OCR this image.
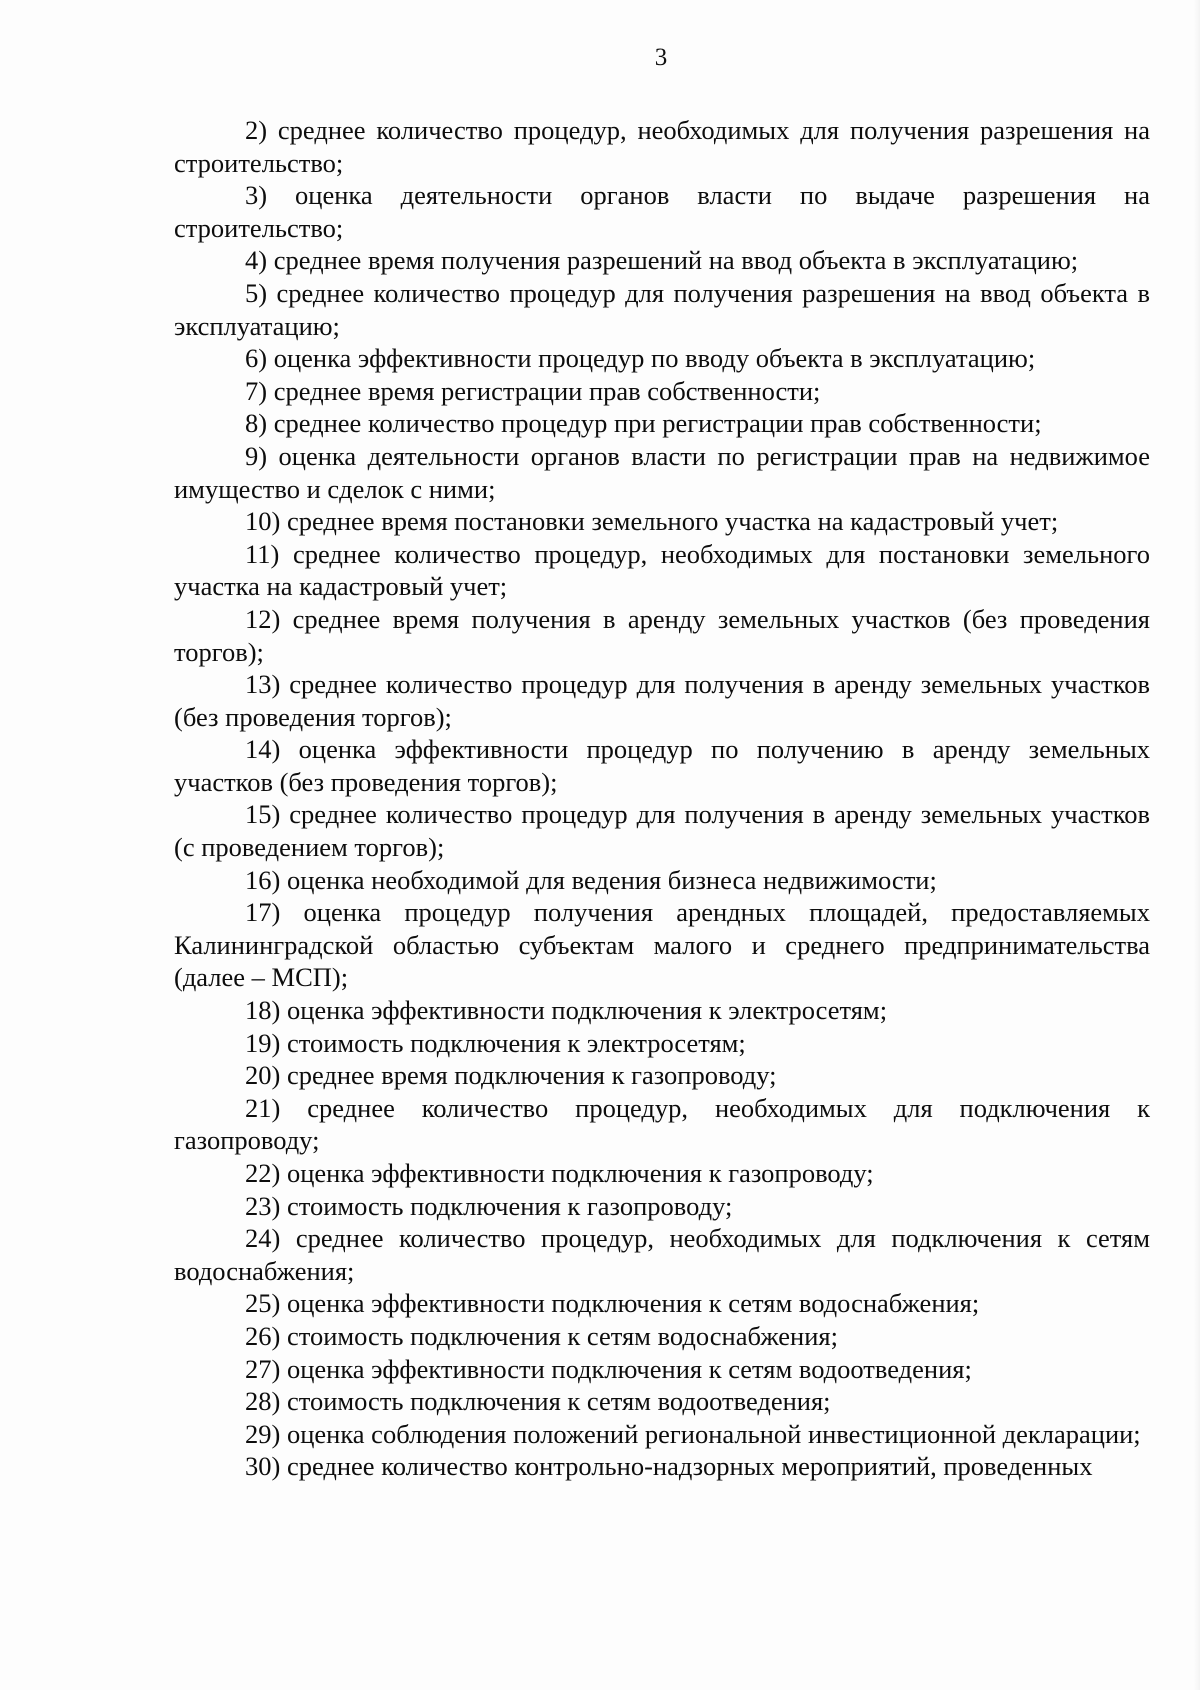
3

2) среднее количество процедур, необходимых для получения разрешения на строительство;

3) оценка деятельности органов власти по выдаче разрешения на строительство;

4) среднее время получения разрешений на ввод объекта в эксплуатацию;

5) среднее количество процедур для получения разрешения на ввод объекта в эксплуатацию;

6) оценка эффективности процедур по вводу объекта в эксплуатацию;

7) среднее время регистрации прав собственности;

8) среднее количество процедур при регистрации прав собственности;

9) оценка деятельности органов власти по регистрации прав на недвижимое имущество и сделок с ними;

10) среднее время постановки земельного участка на кадастровый учет;

11) среднее количество процедур, необходимых для постановки земельного участка на кадастровый учет;

12) среднее время получения в аренду земельных участков (без проведения торгов);

13) среднее количество процедур для получения в аренду земельных участков (без проведения торгов);

14) оценка эффективности процедур по получению в аренду земельных участков (без проведения торгов);

15) среднее количество процедур для получения в аренду земельных участков (с проведением торгов);

16) оценка необходимой для ведения бизнеса недвижимости;

17) оценка процедур получения арендных площадей, предоставляемых Калининградской областью субъектам малого и среднего предпринимательства (далее – МСП);

18) оценка эффективности подключения к электросетям;

19) стоимость подключения к электросетям;

20) среднее время подключения к газопроводу;

21) среднее количество процедур, необходимых для подключения к газопроводу;

22) оценка эффективности подключения к газопроводу;

23) стоимость подключения к газопроводу;

24) среднее количество процедур, необходимых для подключения к сетям водоснабжения;

25) оценка эффективности подключения к сетям водоснабжения;

26) стоимость подключения к сетям водоснабжения;

27) оценка эффективности подключения к сетям водоотведения;

28) стоимость подключения к сетям водоотведения;

29) оценка соблюдения положений региональной инвестиционной декларации;

30) среднее количество контрольно-надзорных мероприятий, проведенных
